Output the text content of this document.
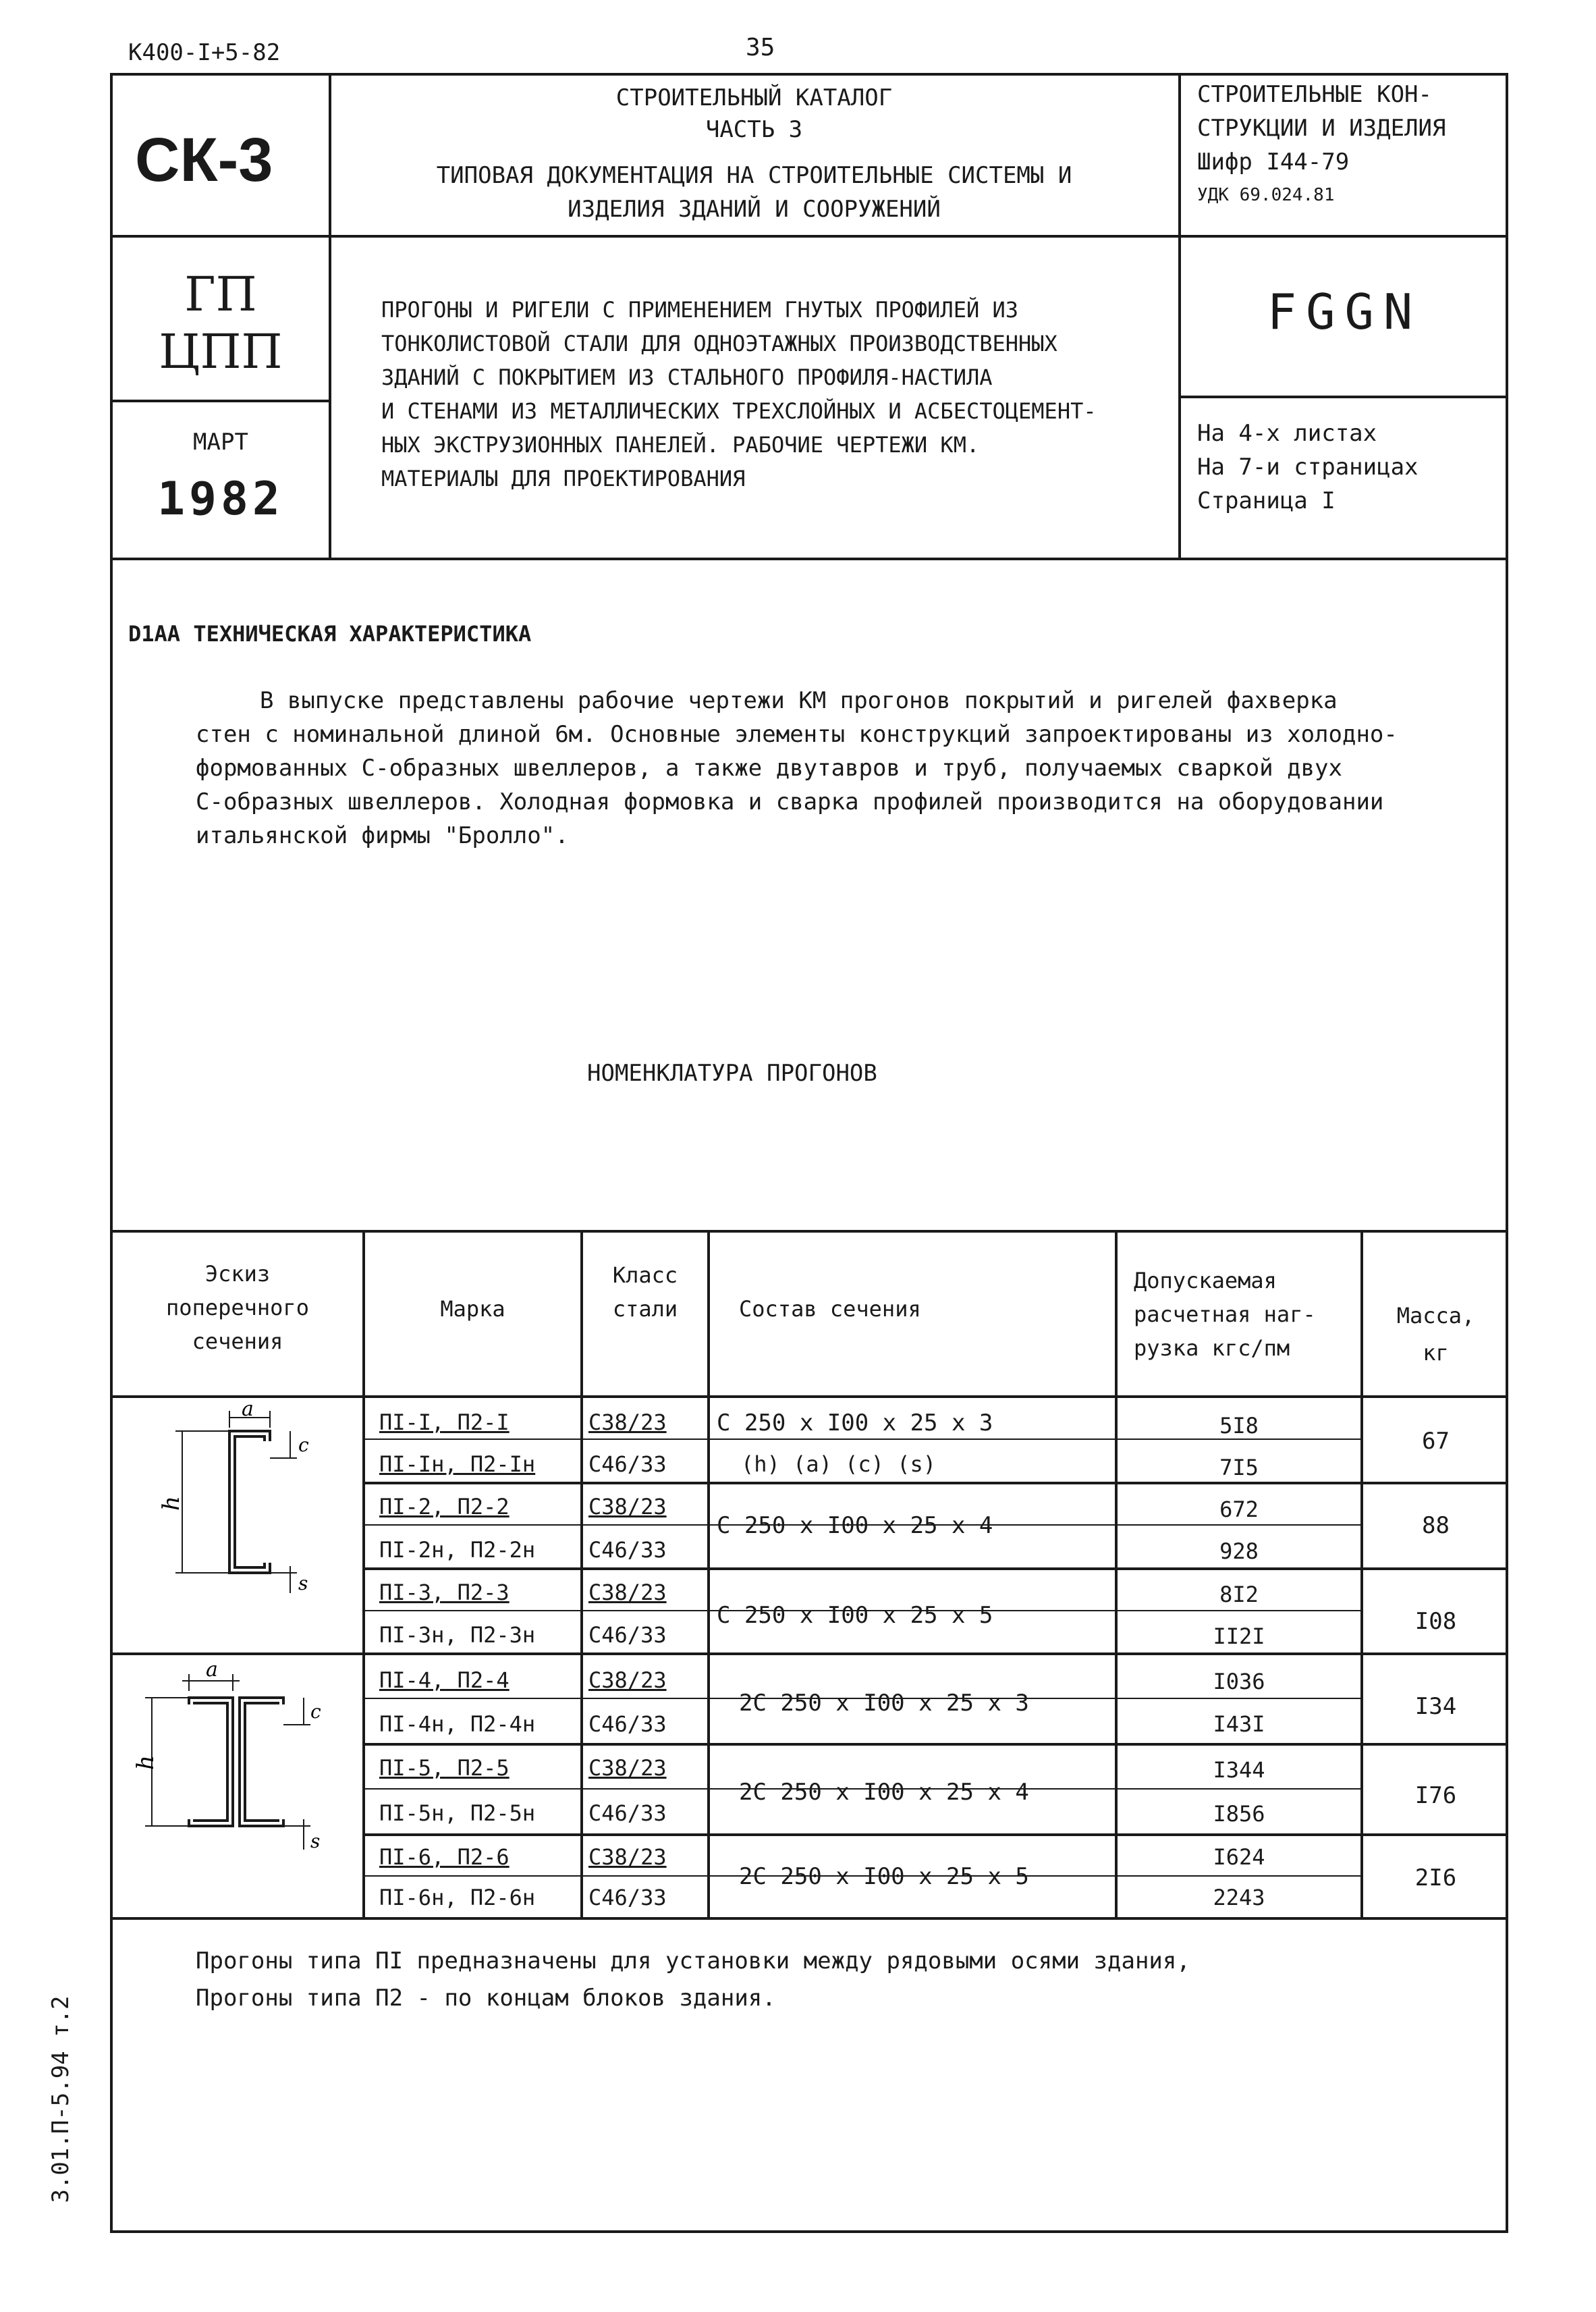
К400-I+5-82	35
СК-3
СТРОИТЕЛЬНЫЙ КАТАЛОГ
ЧАСТЬ 3
ТИПОВАЯ ДОКУМЕНТАЦИЯ НА СТРОИТЕЛЬНЫЕ СИСТЕМЫ И
ИЗДЕЛИЯ ЗДАНИЙ И СООРУЖЕНИЙ
СТРОИТЕЛЬНЫЕ КОН-
СТРУКЦИИ И ИЗДЕЛИЯ
Шифр I44-79
УДК 69.024.81
ГП
ЦПП
ПРОГОНЫ И РИГЕЛИ С ПРИМЕНЕНИЕМ ГНУТЫХ ПРОФИЛЕЙ ИЗ
ТОНКОЛИСТОВОЙ СТАЛИ ДЛЯ ОДНОЭТАЖНЫХ ПРОИЗВОДСТВЕННЫХ
ЗДАНИЙ С ПОКРЫТИЕМ ИЗ СТАЛЬНОГО ПРОФИЛЯ-НАСТИЛА
И СТЕНАМИ ИЗ МЕТАЛЛИЧЕСКИХ ТРЕХСЛОЙНЫХ И АСБЕСТОЦЕМЕНТ-
НЫХ ЭКСТРУЗИОННЫХ ПАНЕЛЕЙ. РАБОЧИЕ ЧЕРТЕЖИ КМ.
МАТЕРИАЛЫ ДЛЯ ПРОЕКТИРОВАНИЯ
FGGN
МАРТ
1982
На 4-х листах
На 7-и страницах
Страница I
D1AA ТЕХНИЧЕСКАЯ ХАРАКТЕРИСТИКА
В выпуске представлены рабочие чертежи КМ прогонов покрытий и ригелей фахверка
стен с номинальной длиной 6м. Основные элементы конструкций запроектированы из холодно-
формованных С-образных швеллеров, а также двутавров и труб, получаемых сваркой двух
С-образных швеллеров. Холодная формовка и сварка профилей производится на оборудовании
итальянской фирмы "Бролло".
НОМЕНКЛАТУРА ПРОГОНОВ
Эскиз
поперечного
сечения
Марка
Класс
стали	Состав сечения
Допускаемая
расчетная наг-
рузка кгс/пм
Масса,
кг
ПI-I, П2-I
ПI-Iн, П2-Iн
С38/23
С46/33
С 250 x I00 x 25 x 3
(h) (a) (c) (s)
5I8
7I5
67
ПI-2, П2-2
ПI-2н, П2-2н
С38/23
С46/33
С 250 x I00 x 25 x 4
672
928
88
ПI-3, П2-3
ПI-3н, П2-3н
С38/23
С46/33
С 250 x I00 x 25 x 5
8I2
II2I
I08
ПI-4, П2-4
ПI-4н, П2-4н
С38/23
С46/33
2С 250 x I00 x 25 x 3
I036
I43I
I34
ПI-5, П2-5
ПI-5н, П2-5н
С38/23
С46/33
2С 250 x I00 x 25 x 4
I344
I856
I76
ПI-6, П2-6
ПI-6н, П2-6н
С38/23
С46/33
2С 250 x I00 x 25 x 5
I624
2243
2I6
a
h
c
s
a
h
c
s
Прогоны типа ПI предназначены для установки между рядовыми осями здания,
Прогоны типа П2 - по концам блоков здания.
3.01.П-5.94 т.2
